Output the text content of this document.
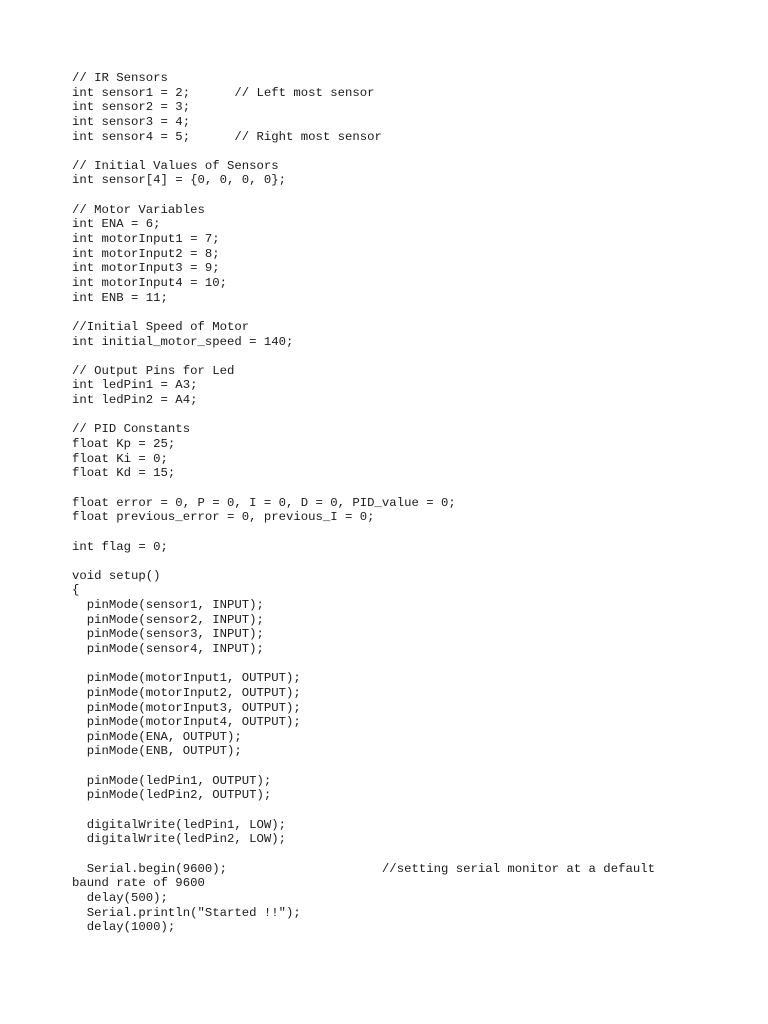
// IR Sensors
int sensor1 = 2;      // Left most sensor
int sensor2 = 3;
int sensor3 = 4;
int sensor4 = 5;      // Right most sensor
// Initial Values of Sensors
int sensor[4] = {0, 0, 0, 0};
// Motor Variables
int ENA = 6;
int motorInput1 = 7;
int motorInput2 = 8;
int motorInput3 = 9;
int motorInput4 = 10;
int ENB = 11;
//Initial Speed of Motor
int initial_motor_speed = 140;
// Output Pins for Led
int ledPin1 = A3;
int ledPin2 = A4;
// PID Constants
float Kp = 25;
float Ki = 0;
float Kd = 15;
float error = 0, P = 0, I = 0, D = 0, PID_value = 0;
float previous_error = 0, previous_I = 0;
int flag = 0;
void setup()
{
pinMode(sensor1, INPUT);
pinMode(sensor2, INPUT);
pinMode(sensor3, INPUT);
pinMode(sensor4, INPUT);
pinMode(motorInput1, OUTPUT);
pinMode(motorInput2, OUTPUT);
pinMode(motorInput3, OUTPUT);
pinMode(motorInput4, OUTPUT);
pinMode(ENA, OUTPUT);
pinMode(ENB, OUTPUT);
pinMode(ledPin1, OUTPUT);
pinMode(ledPin2, OUTPUT);
digitalWrite(ledPin1, LOW);
digitalWrite(ledPin2, LOW);
Serial.begin(9600);                     //setting serial monitor at a default
baund rate of 9600
delay(500);
Serial.println("Started !!");
delay(1000);
